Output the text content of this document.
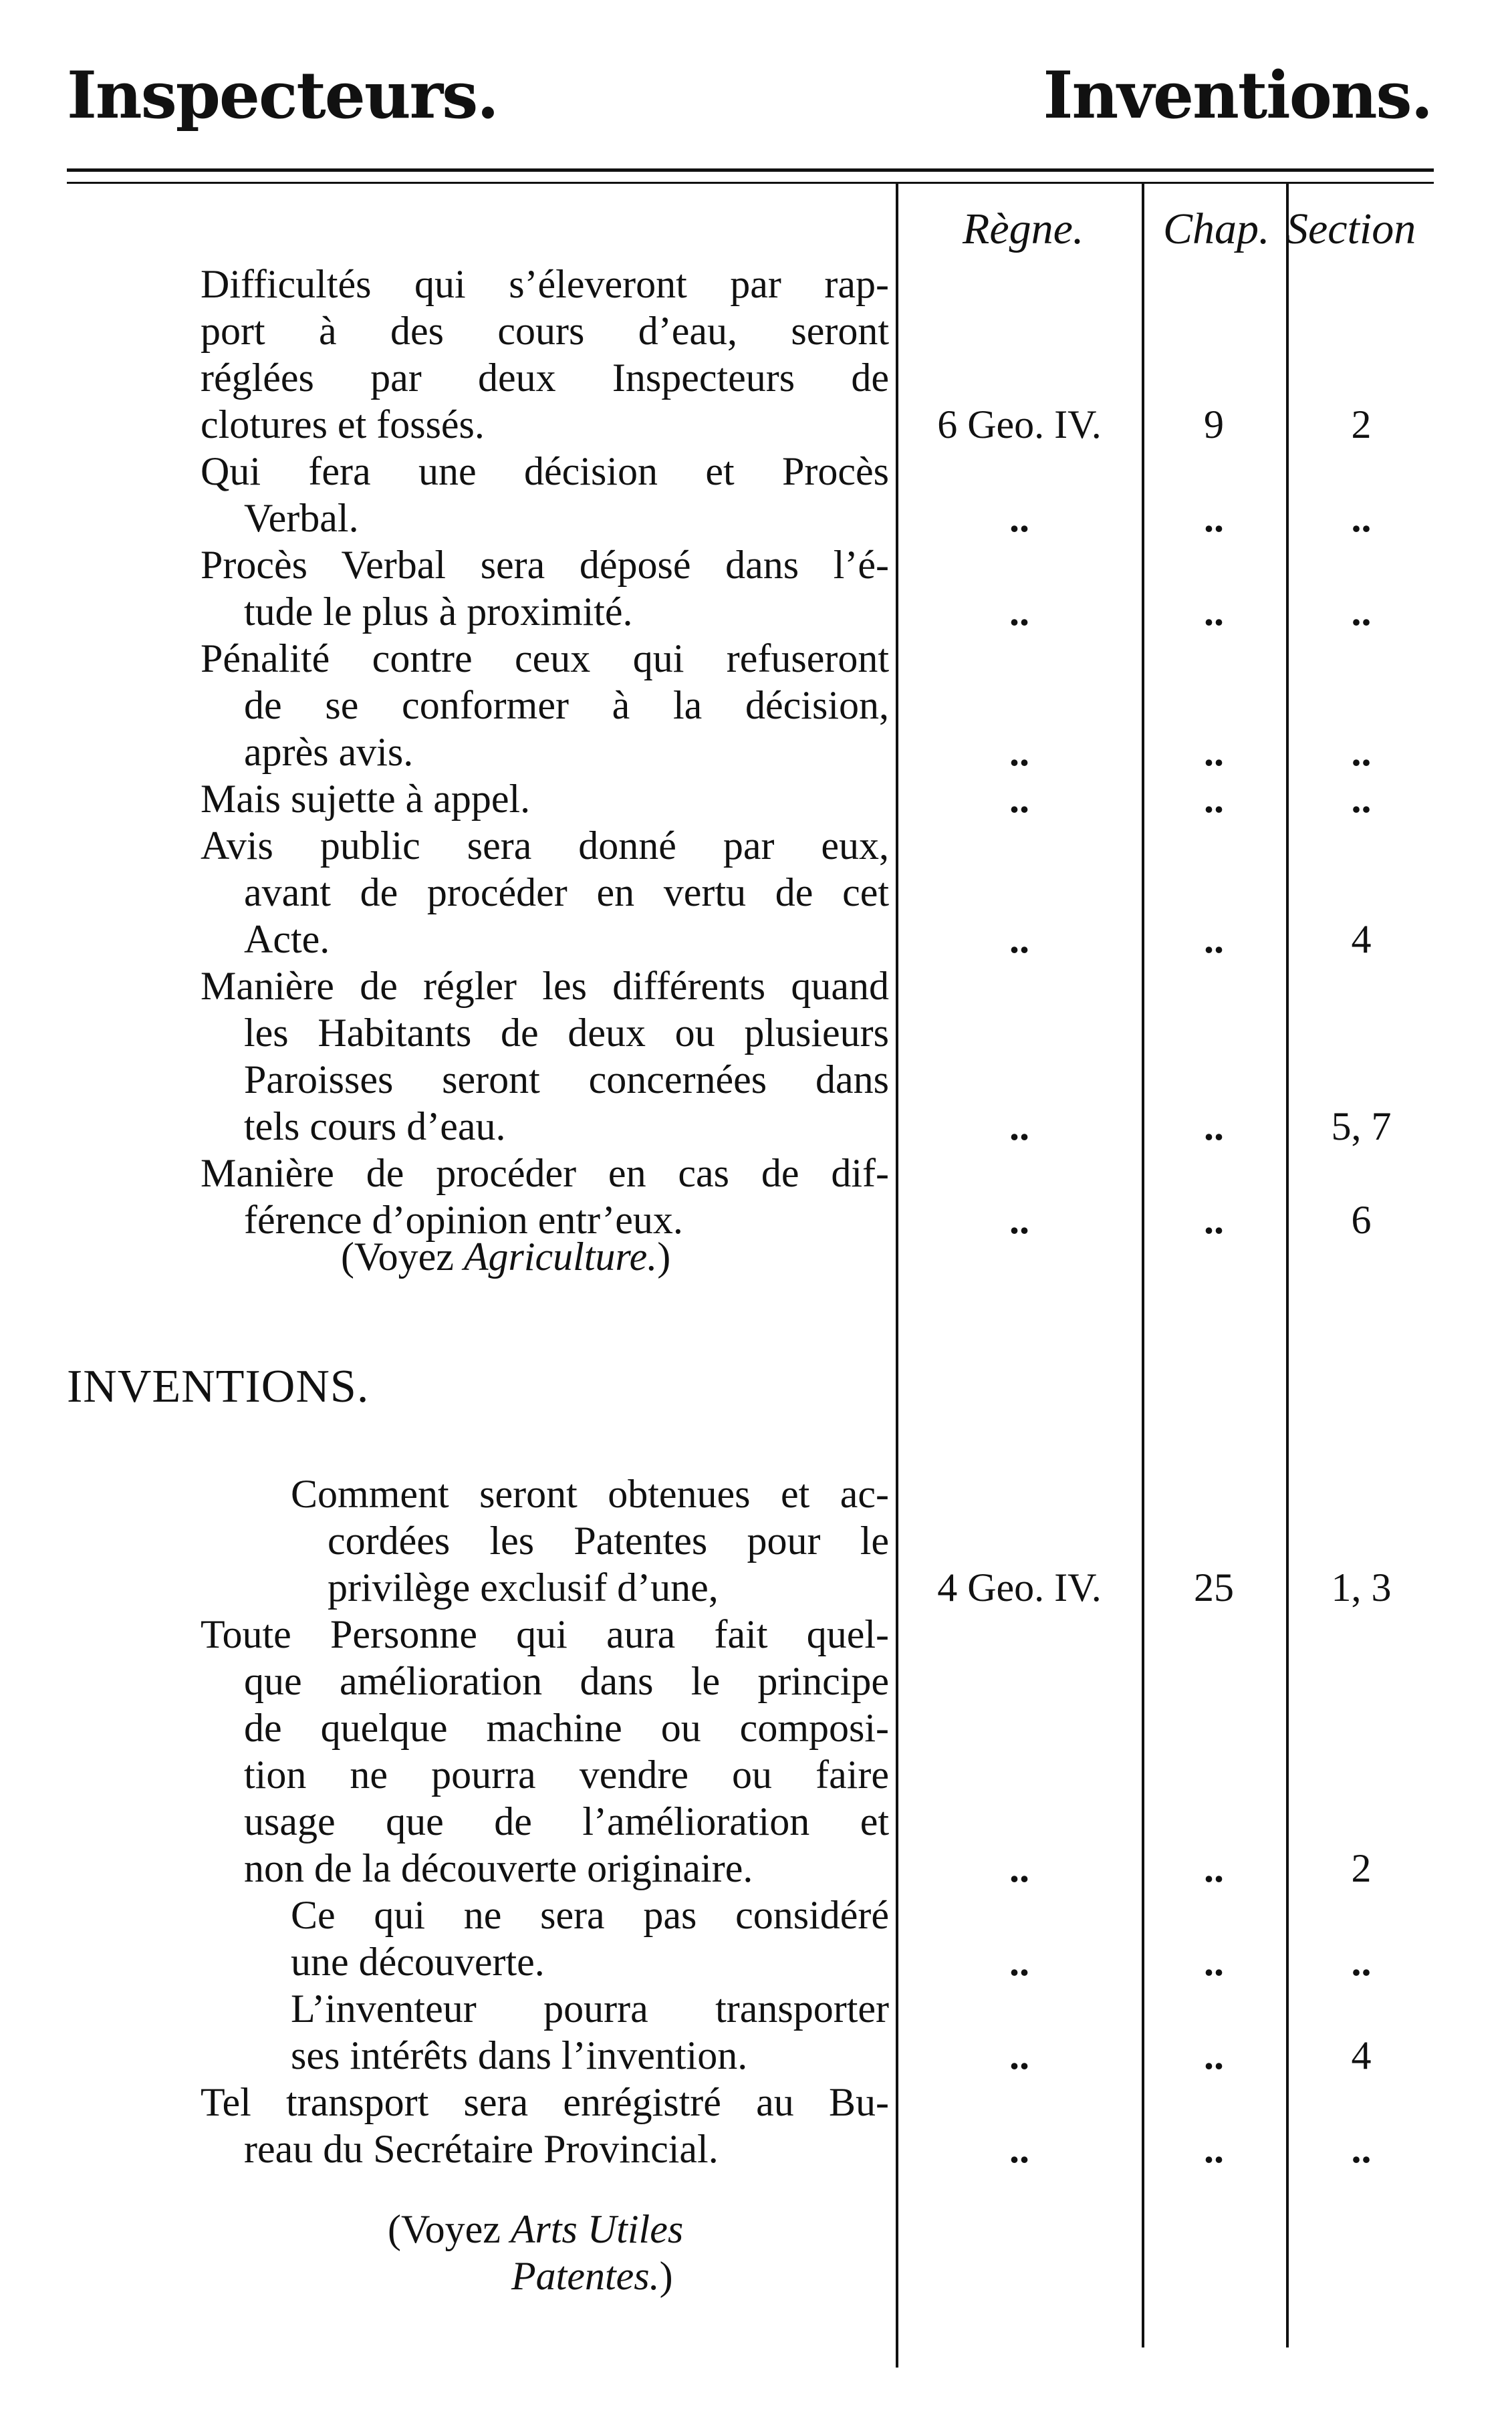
Inspecteurs.	Inventions.
Règne. Chap. Section
Difficultés qui s’éleveront par rap-
port à des cours d’eau, seront
réglées par deux Inspecteurs de
clotures et fossés.	6 Geo. IV.	9	2
Qui fera une décision et Procès
Verbal.	..	..	..
Procès Verbal sera déposé dans l’é-
tude le plus à proximité.	..	..	..
Pénalité contre ceux qui refuseront
de se conformer à la décision,
après avis.	..	..	..
Mais sujette à appel.	..	..	..
Avis public sera donné par eux,
avant de procéder en vertu de cet
Acte.	..	..	4
Manière de régler les différents quand
les Habitants de deux ou plusieurs
Paroisses seront concernées dans
tels cours d’eau.	..	..	5, 7
Manière de procéder en cas de dif-
férence d’opinion entr’eux.	..	..	6
Comment seront obtenues et ac-
cordées les Patentes pour le
privilège exclusif d’une,	4 Geo. IV.	25	1, 3
Toute Personne qui aura fait quel-
que amélioration dans le principe
de quelque machine ou composi-
tion ne pourra vendre ou faire
usage que de l’amélioration et
non de la découverte originaire.	..	..	2
Ce qui ne sera pas considéré
une découverte.	..	..	..
L’inventeur pourra transporter
ses intérêts dans l’invention.	..	..	4
Tel transport sera enrégistré au Bu-
reau du Secrétaire Provincial.	..	..	..
(Voyez Agriculture.)
INVENTIONS.
(Voyez Arts Utiles
Patentes.)
